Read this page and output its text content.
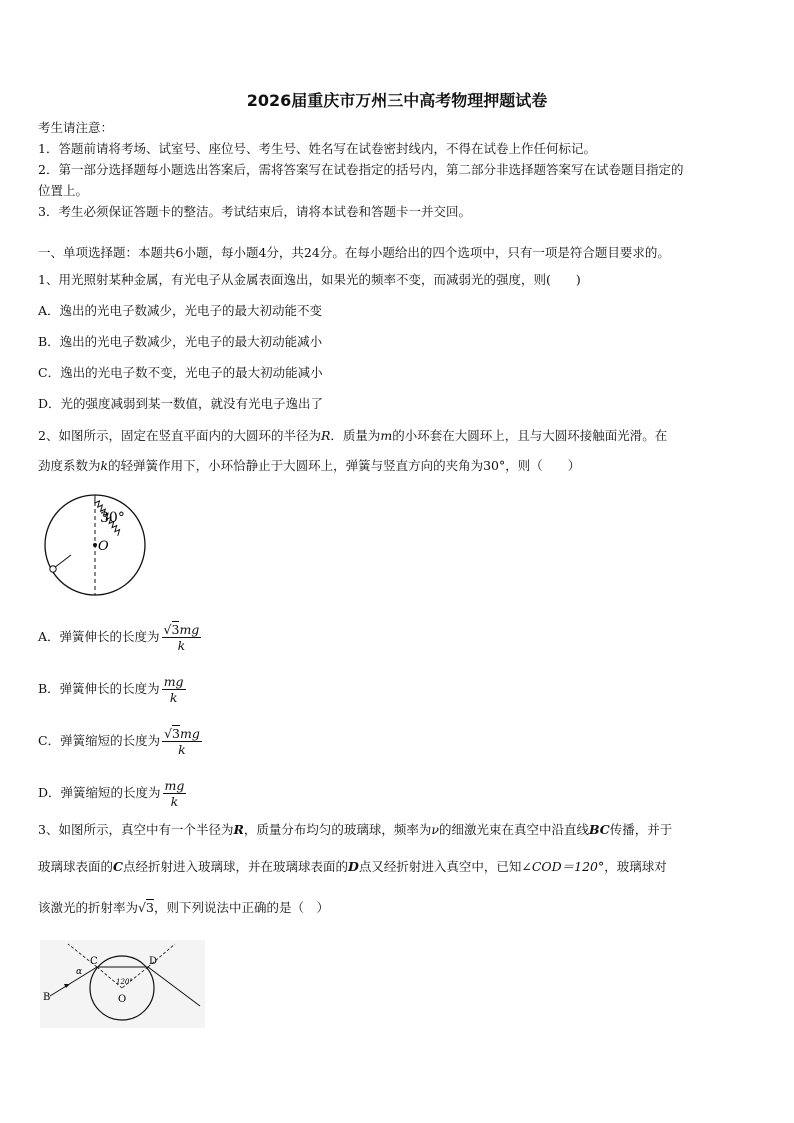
2026届重庆市万州三中高考物理押题试卷
考生请注意：
1．答题前请将考场、试室号、座位号、考生号、姓名写在试卷密封线内，不得在试卷上作任何标记。
2．第一部分选择题每小题选出答案后，需将答案写在试卷指定的括号内，第二部分非选择题答案写在试卷题目指定的
位置上。
3．考生必须保证答题卡的整洁。考试结束后，请将本试卷和答题卡一并交回。
一、单项选择题：本题共6小题，每小题4分，共24分。在每小题给出的四个选项中，只有一项是符合题目要求的。
1、用光照射某种金属，有光电子从金属表面逸出，如果光的频率不变，而减弱光的强度，则(　　)
A．逸出的光电子数减少，光电子的最大初动能不变
B．逸出的光电子数减少，光电子的最大初动能减小
C．逸出的光电子数不变，光电子的最大初动能减小
D．光的强度减弱到某一数值，就没有光电子逸出了
2、如图所示，固定在竖直平面内的大圆环的半径为R．质量为m的小环套在大圆环上，且与大圆环接触面光滑。在
劲度系数为k的轻弹簧作用下，小环恰静止于大圆环上，弹簧与竖直方向的夹角为30°，则（　　）
O
30°
A．弹簧伸长的长度为 $\frac{√3mg}{k}$
B．弹簧伸长的长度为 $\frac{mg}{k}$
C．弹簧缩短的长度为 $\frac{√3mg}{k}$
D．弹簧缩短的长度为 $\frac{mg}{k}$
3、如图所示，真空中有一个半径为R，质量分布均匀的玻璃球，频率为ν的细激光束在真空中沿直线BC传播，并于
玻璃球表面的C点经折射进入玻璃球，并在玻璃球表面的D点又经折射进入真空中，已知∠COD＝120°，玻璃球对
该激光的折射率为√3，则下列说法中正确的是（　）
B
C	D
O
α
120°
